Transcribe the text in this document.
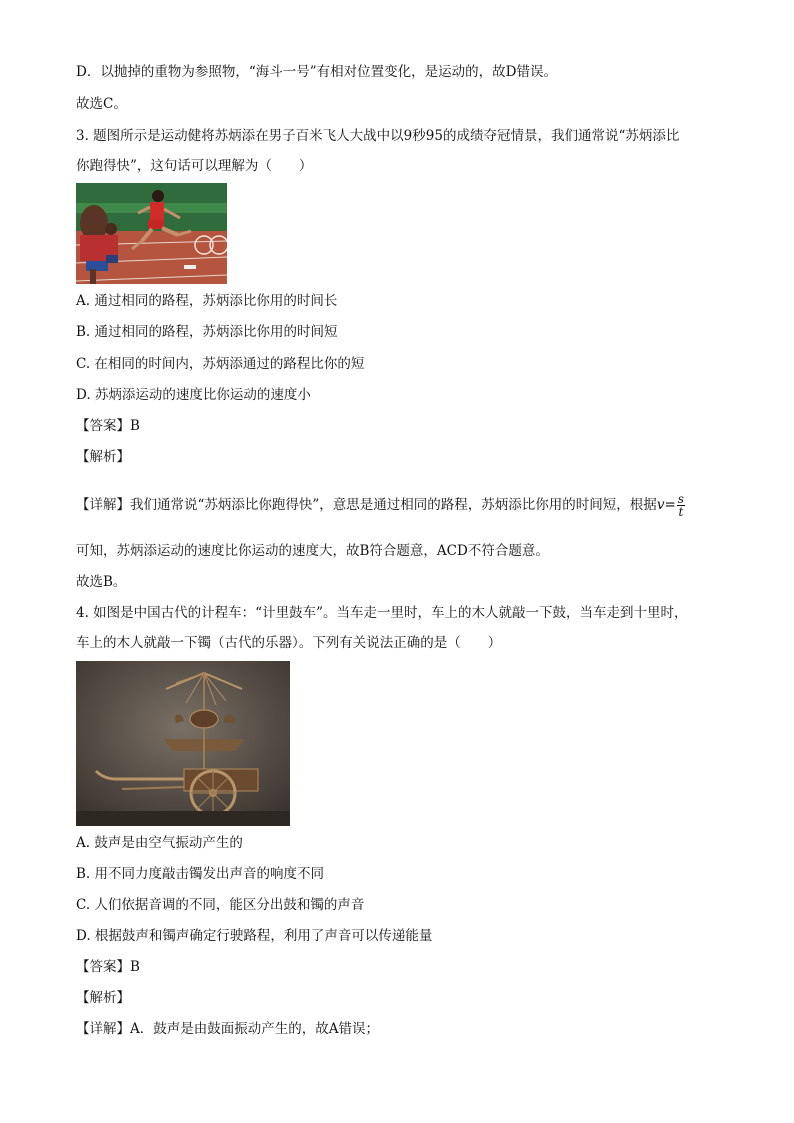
D．以抛掉的重物为参照物，“海斗一号”有相对位置变化，是运动的，故D错误。
故选C。
3. 题图所示是运动健将苏炳添在男子百米飞人大战中以9秒95的成绩夺冠情景，我们通常说“苏炳添比
你跑得快”，这句话可以理解为（　　）
A. 通过相同的路程，苏炳添比你用的时间长
B. 通过相同的路程，苏炳添比你用的时间短
C. 在相同的时间内，苏炳添通过的路程比你的短
D. 苏炳添运动的速度比你运动的速度小
【答案】B
【解析】
【详解】我们通常说“苏炳添比你跑得快”，意思是通过相同的路程，苏炳添比你用的时间短，根据$v= \frac{s}{t}$
可知，苏炳添运动的速度比你运动的速度大，故B符合题意，ACD不符合题意。
故选B。
4. 如图是中国古代的计程车：“计里鼓车”。当车走一里时，车上的木人就敲一下鼓，当车走到十里时，
车上的木人就敲一下镯（古代的乐器）。下列有关说法正确的是（　　）
A. 鼓声是由空气振动产生的
B. 用不同力度敲击镯发出声音的响度不同
C. 人们依据音调的不同，能区分出鼓和镯的声音
D. 根据鼓声和镯声确定行驶路程，利用了声音可以传递能量
【答案】B
【解析】
【详解】A．鼓声是由鼓面振动产生的，故A错误；
